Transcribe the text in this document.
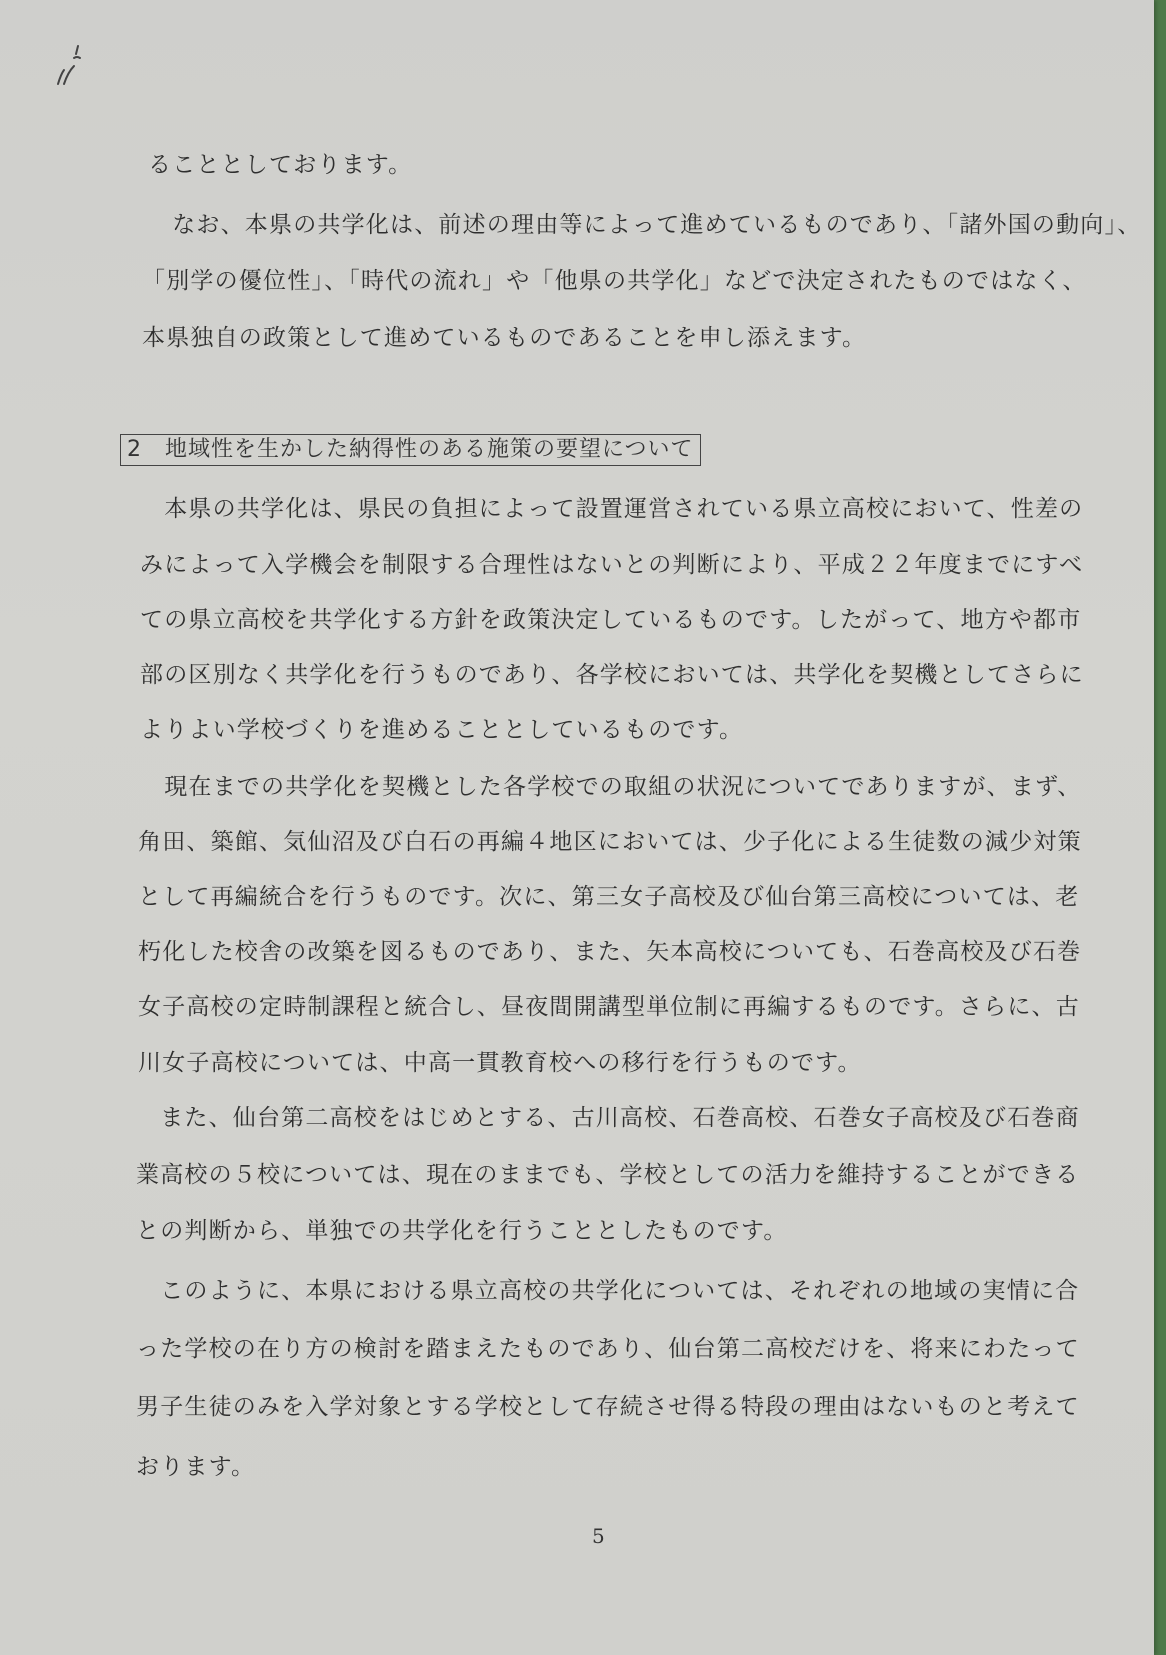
ることとしております。
　なお、本県の共学化は、前述の理由等によって進めているものであり、「諸外国の動向」、
「別学の優位性」、「時代の流れ」や「他県の共学化」などで決定されたものではなく、
本県独自の政策として進めているものであることを申し添えます。
2　地域性を生かした納得性のある施策の要望について
　本県の共学化は、県民の負担によって設置運営されている県立高校において、性差の
みによって入学機会を制限する合理性はないとの判断により、平成２２年度までにすべ
ての県立高校を共学化する方針を政策決定しているものです。したがって、地方や都市
部の区別なく共学化を行うものであり、各学校においては、共学化を契機としてさらに
よりよい学校づくりを進めることとしているものです。
　現在までの共学化を契機とした各学校での取組の状況についてでありますが、まず、
角田、築館、気仙沼及び白石の再編４地区においては、少子化による生徒数の減少対策
として再編統合を行うものです。次に、第三女子高校及び仙台第三高校については、老
朽化した校舎の改築を図るものであり、また、矢本高校についても、石巻高校及び石巻
女子高校の定時制課程と統合し、昼夜間開講型単位制に再編するものです。さらに、古
川女子高校については、中高一貫教育校への移行を行うものです。
　また、仙台第二高校をはじめとする、古川高校、石巻高校、石巻女子高校及び石巻商
業高校の５校については、現在のままでも、学校としての活力を維持することができる
との判断から、単独での共学化を行うこととしたものです。
　このように、本県における県立高校の共学化については、それぞれの地域の実情に合
った学校の在り方の検討を踏まえたものであり、仙台第二高校だけを、将来にわたって
男子生徒のみを入学対象とする学校として存続させ得る特段の理由はないものと考えて
おります。
5
